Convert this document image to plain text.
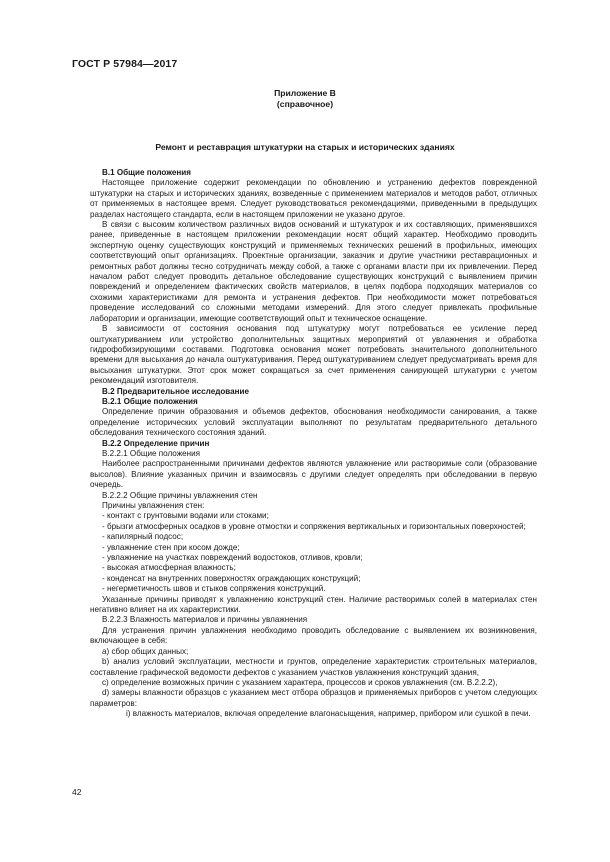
ГОСТ Р 57984—2017
Приложение В
(справочное)
Ремонт и реставрация штукатурки на старых и исторических зданиях

В.1 Общие положения

Настоящее приложение содержит рекомендации по обновлению и устранению дефектов поврежденной штукатурки на старых и исторических зданиях, возведенные с применением материалов и методов работ, отличных от применяемых в настоящее время. Следует руководствоваться рекомендациями, приведенными в предыдущих разделах настоящего стандарта, если в настоящем приложении не указано другое.

В связи с высоким количеством различных видов оснований и штукатурок и их составляющих, применявшихся ранее, приведенные в настоящем приложении рекомендации носят общий характер. Необходимо проводить экспертную оценку существующих конструкций и применяемых технических решений в профильных, имеющих соответствующий опыт организациях. Проектные организации, заказчик и другие участники реставрационных и ремонтных работ должны тесно сотрудничать между собой, а также с органами власти при их привлечении. Перед началом работ следует проводить детальное обследование существующих конструкций с выявлением причин повреждений и определением фактических свойств материалов, в целях подбора подходящих материалов со схожими характеристиками для ремонта и устранения дефектов. При необходимости может потребоваться проведение исследований со сложными методами измерений. Для этого следует привлекать профильные лаборатории и организации, имеющие соответствующий опыт и техническое оснащение.

В зависимости от состояния основания под штукатурку могут потребоваться ее усиление перед оштукатуриванием или устройство дополнительных защитных мероприятий от увлажнения и обработка гидрофобизирующими составами. Подготовка основания может потребовать значительного дополнительного времени для высыхания до начала оштукатуривания. Перед оштукатуриванием следует предусматривать время для высыхания штукатурки. Этот срок может сокращаться за счет применения санирующей штукатурки с учетом рекомендаций изготовителя.

В.2 Предварительное исследование

В.2.1 Общие положения

Определение причин образования и объемов дефектов, обоснования необходимости санирования, а также определение исторических условий эксплуатации выполняют по результатам предварительного детального обследования технического состояния зданий.

В.2.2 Определение причин

В.2.2.1 Общие положения

Наиболее распространенными причинами дефектов являются увлажнение или растворимые соли (образование высолов). Влияние указанных причин и взаимосвязь с другими следует определять при обследовании в первую очередь.

В.2.2.2 Общие причины увлажнения стен

Причины увлажнения стен:

- контакт с грунтовыми водами или стоками;

- брызги атмосферных осадков в уровне отмостки и сопряжения вертикальных и горизонтальных поверхностей;

- капилярный подсос;

- увлажнение стен при косом дожде;

- увлажнение на участках повреждений водостоков, отливов, кровли;

- высокая атмосферная влажность;

- конденсат на внутренних поверхностях ограждающих конструкций;

- негерметичность швов и стыков сопряжения конструкций.

Указанные причины приводят к увлажнению конструкций стен. Наличие растворимых солей в материалах стен негативно влияет на их характеристики.

В.2.2.3 Влажность материалов и причины увлажнения

Для устранения причин увлажнения необходимо проводить обследование с выявлением их возникновения, включающее в себя:

а) сбор общих данных;

b) анализ условий эксплуатации, местности и грунтов, определение характеристик строительных материалов, составление графической ведомости дефектов с указанием участков увлажнения конструкций здания,

с) определение возможных причин с указанием характера, процессов и сроков увлажнения (см. В.2.2.2),

d) замеры влажности образцов с указанием мест отбора образцов и применяемых приборов с учетом следующих параметров:

i) влажность материалов, включая определение влагонасыщения, например, прибором или сушкой в печи.

42
